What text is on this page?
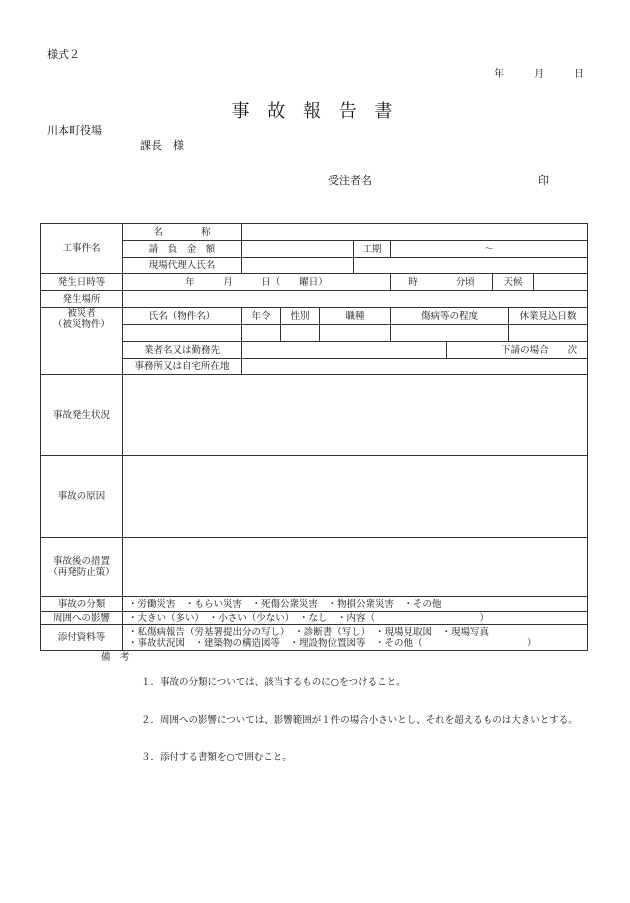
様式２
年　　　月　　　日
事 故 報 告 書
川本町役場
課長　様
受注者名	印
工事件名	名　　　　称									
	請　負　金　額				工期	～				
	現場代理人氏名									
発生日時等	年　　　月　　　日（　　曜日）					時　　　　分頃		天候		
発生場所										
被災者
（被災物件）	氏名（物件名）	年令	性別	職種		傷病等の程度			休業見込日数	

	業者名又は勤務先						下請の場合　　次			
	事務所又は自宅所在地									
事故発生状況										
事故の原因										
事故後の措置
（再発防止策）										
事故の分類	・労働災害　・もらい災害　・死傷公衆災害　・物損公衆災害　・その他									
周囲への影響	・大きい（多い）　・小さい（少ない）　・なし　・内容（　　　　　　　　　　　）									
添付資料等	・私傷病報告（労基署提出分の写し）　・診断書（写し）　・現場見取図　・現場写真
・事故状況図　・建築物の構造図等　・埋設物位置図等　・その他（　　　　　　　　　　　）									
備　考

１．事故の分類については、該当するものに○をつけること。

２．周囲への影響については、影響範囲が１件の場合小さいとし、それを超えるものは大きいとする。

３．添付する書類を○で囲むこと。
